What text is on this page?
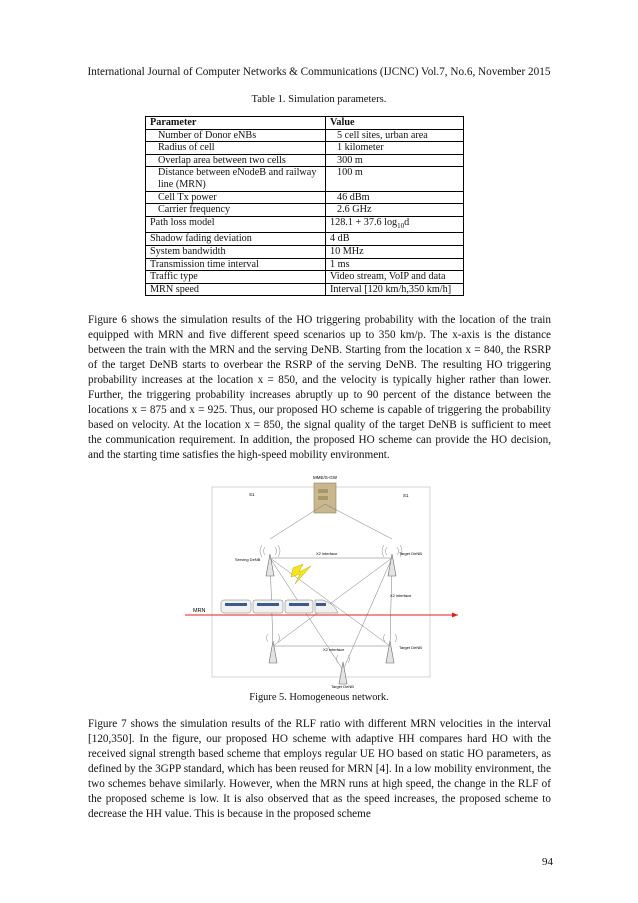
International Journal of Computer Networks & Communications (IJCNC) Vol.7, No.6, November 2015
Table 1. Simulation parameters.
Parameter	Value
Number of Donor eNBs	5 cell sites, urban area
Radius of cell	1 kilometer
Overlap area between two cells	300 m
Distance between eNodeB and railway line (MRN)	100 m
Cell Tx power	46 dBm
Carrier frequency	2.6 GHz
Path loss model	128.1 + 37.6 $\log_{10}d$
Shadow fading deviation	4 dB
System bandwidth	10 MHz
Transmission time interval	1 ms
Traffic type	Video stream, VoIP and data
MRN speed	Interval [120 km/h,350 km/h]

Figure 6 shows the simulation results of the HO triggering probability with the location of the train equipped with MRN and five different speed scenarios up to 350 km/p. The x-axis is the distance between the train with the MRN and the serving DeNB. Starting from the location x = 840, the RSRP of the target DeNB starts to overbear the RSRP of the serving DeNB. The resulting HO triggering probability increases at the location x = 850, and the velocity is typically higher rather than lower. Further, the triggering probability increases abruptly up to 90 percent of the distance between the locations x = 875 and x = 925. Thus, our proposed HO scheme is capable of triggering the probability based on velocity. At the location x = 850, the signal quality of the target DeNB is sufficient to meet the communication requirement. In addition, the proposed HO scheme can provide the HO decision, and the starting time satisfies the high-speed mobility environment.

MME/S-GW
S1	S1
X2 interface
X2 interface
X2 interface
Serving DeNB
Target DeNB
Target DeNB
Target DeNB
MRN
Figure 5. Homogeneous network.

Figure 7 shows the simulation results of the RLF ratio with different MRN velocities in the interval [120,350]. In the figure, our proposed HO scheme with adaptive HH compares hard HO with the received signal strength based scheme that employs regular UE HO based on static HO parameters, as defined by the 3GPP standard, which has been reused for MRN [4]. In a low mobility environment, the two schemes behave similarly. However, when the MRN runs at high speed, the change in the RLF of the proposed scheme is low. It is also observed that as the speed increases, the proposed scheme to decrease the HH value. This is because in the proposed scheme

94
